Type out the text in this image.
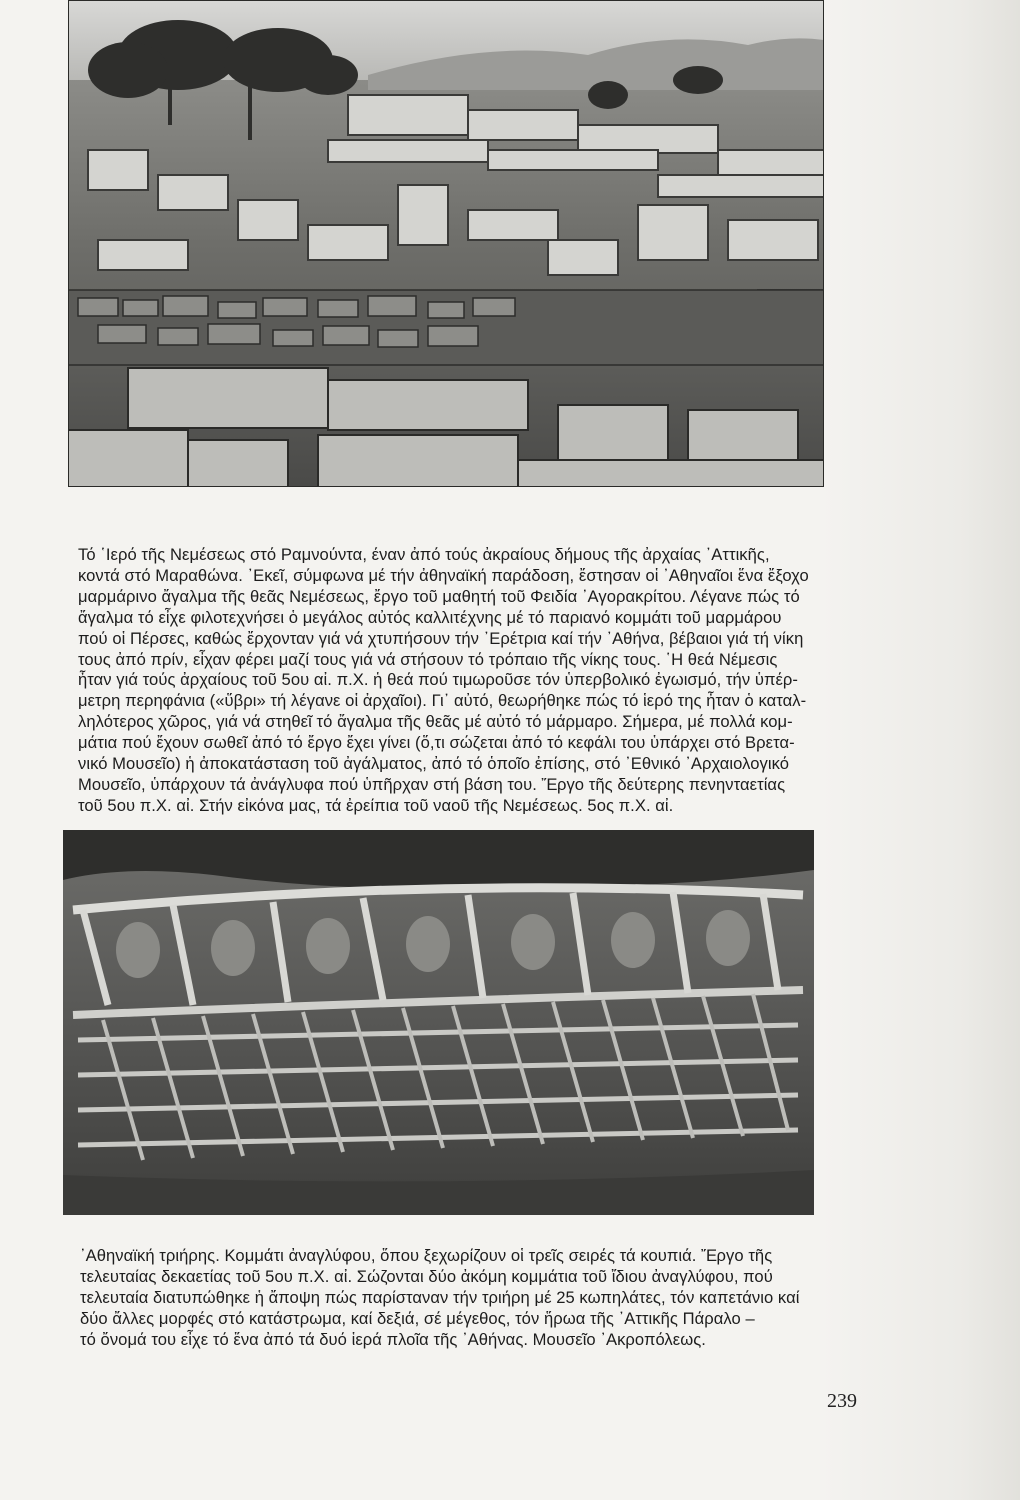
Τό ῾Ιερό τῆς Νεμέσεως στό Ραμνούντα, έναν ἀπό τούς ἀκραίους δήμους τῆς ἀρχαίας ᾿Αττικῆς,
κοντά στό Μαραθώνα. ᾿Εκεῖ, σύμφωνα μέ τήν ἀθηναϊκή παράδοση, ἔστησαν οἱ ᾿Αθηναῖοι ἕνα ἔξοχο
μαρμάρινο ἄγαλμα τῆς θεᾶς Νεμέσεως, ἔργο τοῦ μαθητή τοῦ Φειδία ᾿Αγορακρίτου. Λέγανε πώς τό
ἄγαλμα τό εἶχε φιλοτεχνήσει ὁ μεγάλος αὐτός καλλιτέχνης μέ τό παριανό κομμάτι τοῦ μαρμάρου
πού οἱ Πέρσες, καθώς ἔρχονταν γιά νά χτυπήσουν τήν ᾿Ερέτρια καί τήν ᾿Αθήνα, βέβαιοι γιά τή νίκη
τους ἀπό πρίν, εἶχαν φέρει μαζί τους γιά νά στήσουν τό τρόπαιο τῆς νίκης τους. ῾Η θεά Νέμεσις
ἦταν γιά τούς ἀρχαίους τοῦ 5ου αἰ. π.Χ. ἡ θεά πού τιμωροῦσε τόν ὑπερβολικό ἐγωισμό, τήν ὑπέρ-
μετρη περηφάνια («ὕβρι» τή λέγανε οἱ ἀρχαῖοι). Γι᾿ αὐτό, θεωρήθηκε πώς τό ἱερό της ἦταν ὁ καταλ-
ληλότερος χῶρος, γιά νά στηθεῖ τό ἄγαλμα τῆς θεᾶς μέ αὐτό τό μάρμαρο. Σήμερα, μέ πολλά κομ-
μάτια πού ἔχουν σωθεῖ ἀπό τό ἔργο ἔχει γίνει (ὅ,τι σώζεται ἀπό τό κεφάλι του ὑπάρχει στό Βρετα-
νικό Μουσεῖο) ἡ ἀποκατάσταση τοῦ ἀγάλματος, ἀπό τό ὁποῖο ἐπίσης, στό ᾿Εθνικό ᾿Αρχαιολογικό
Μουσεῖο, ὑπάρχουν τά ἀνάγλυφα πού ὑπῆρχαν στή βάση του. Ἔργο τῆς δεύτερης πενηνταετίας
τοῦ 5ου π.Χ. αἰ. Στήν εἰκόνα μας, τά ἐρείπια τοῦ ναοῦ τῆς Νεμέσεως. 5ος π.Χ. αἰ.

᾿Αθηναϊκή τριήρης. Κομμάτι ἀναγλύφου, ὅπου ξεχωρίζουν οἱ τρεῖς σειρές τά κουπιά. Ἔργο τῆς
τελευταίας δεκαετίας τοῦ 5ου π.Χ. αἰ. Σώζονται δύο ἀκόμη κομμάτια τοῦ ἴδιου ἀναγλύφου, πού
τελευταία διατυπώθηκε ἡ ἄποψη πώς παρίσταναν τήν τριήρη μέ 25 κωπηλάτες, τόν καπετάνιο καί
δύο ἄλλες μορφές στό κατάστρωμα, καί δεξιά, σέ μέγεθος, τόν ἥρωα τῆς ᾿Αττικῆς Πάραλο –
τό ὄνομά του εἶχε τό ἕνα ἀπό τά δυό ἱερά πλοῖα τῆς ᾿Αθήνας. Μουσεῖο ᾿Ακροπόλεως.

239
